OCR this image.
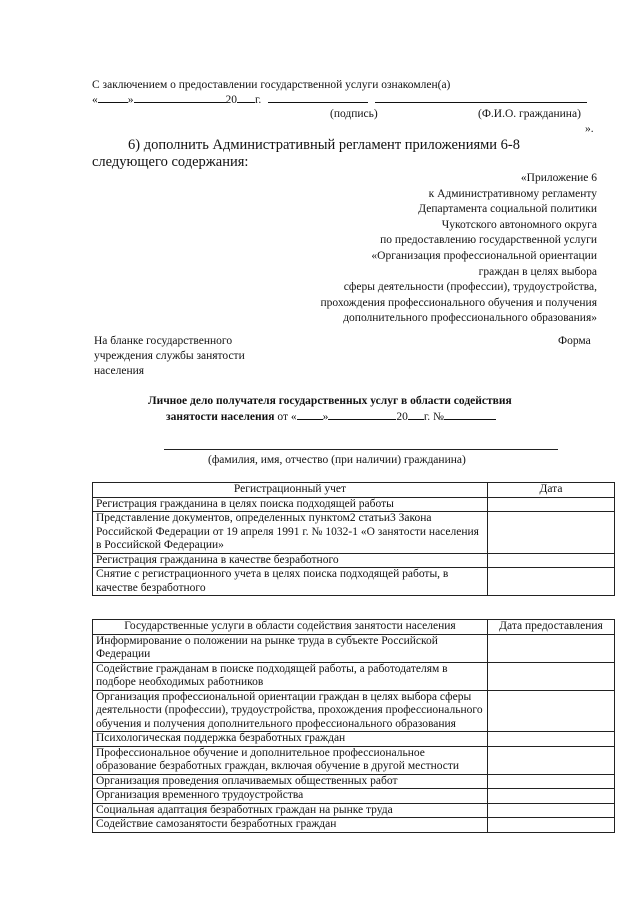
С заключением о предоставлении государственной услуги ознакомлен(а)
«	»	20 г.
(подпись)	(Ф.И.О. гражданина)
».
6) дополнить Административный регламент приложениями 6-8
следующего содержания:
«Приложение 6
к Административному регламенту
Департамента социальной политики
Чукотского автономного округа
по предоставлению государственной услуги
«Организация профессиональной ориентации
граждан в целях выбора
сферы деятельности (профессии), трудоустройства,
прохождения профессионального обучения и получения
дополнительного профессионального образования»
На бланке государственного
учреждения службы занятости
населения
Форма
Личное дело получателя государственных услуг в области содействия
занятости населения от « »	20 г. №
(фамилия, имя, отчество (при наличии) гражданина)
Регистрационный учет	Дата
Регистрация гражданина в целях поиска подходящей работы	
Представление документов, определенных пунктом2 статьи3 Закона Российской Федерации от 19 апреля 1991 г. № 1032-1 «О занятости населения в Российской Федерации»	
Регистрация гражданина в качестве безработного	
Снятие с регистрационного учета в целях поиска подходящей работы, в качестве безработного	
Государственные услуги в области содействия занятости населения	Дата предоставления
Информирование о положении на рынке труда в субъекте Российской Федерации	
Содействие гражданам в поиске подходящей работы, а работодателям в подборе необходимых работников	
Организация профессиональной ориентации граждан в целях выбора сферы деятельности (профессии), трудоустройства, прохождения профессионального обучения и получения дополнительного профессионального образования	
Психологическая поддержка безработных граждан	
Профессиональное обучение и дополнительное профессиональное образование безработных граждан, включая обучение в другой местности	
Организация проведения оплачиваемых общественных работ	
Организация временного трудоустройства	
Социальная адаптация безработных граждан на рынке труда	
Содействие самозанятости безработных граждан	
